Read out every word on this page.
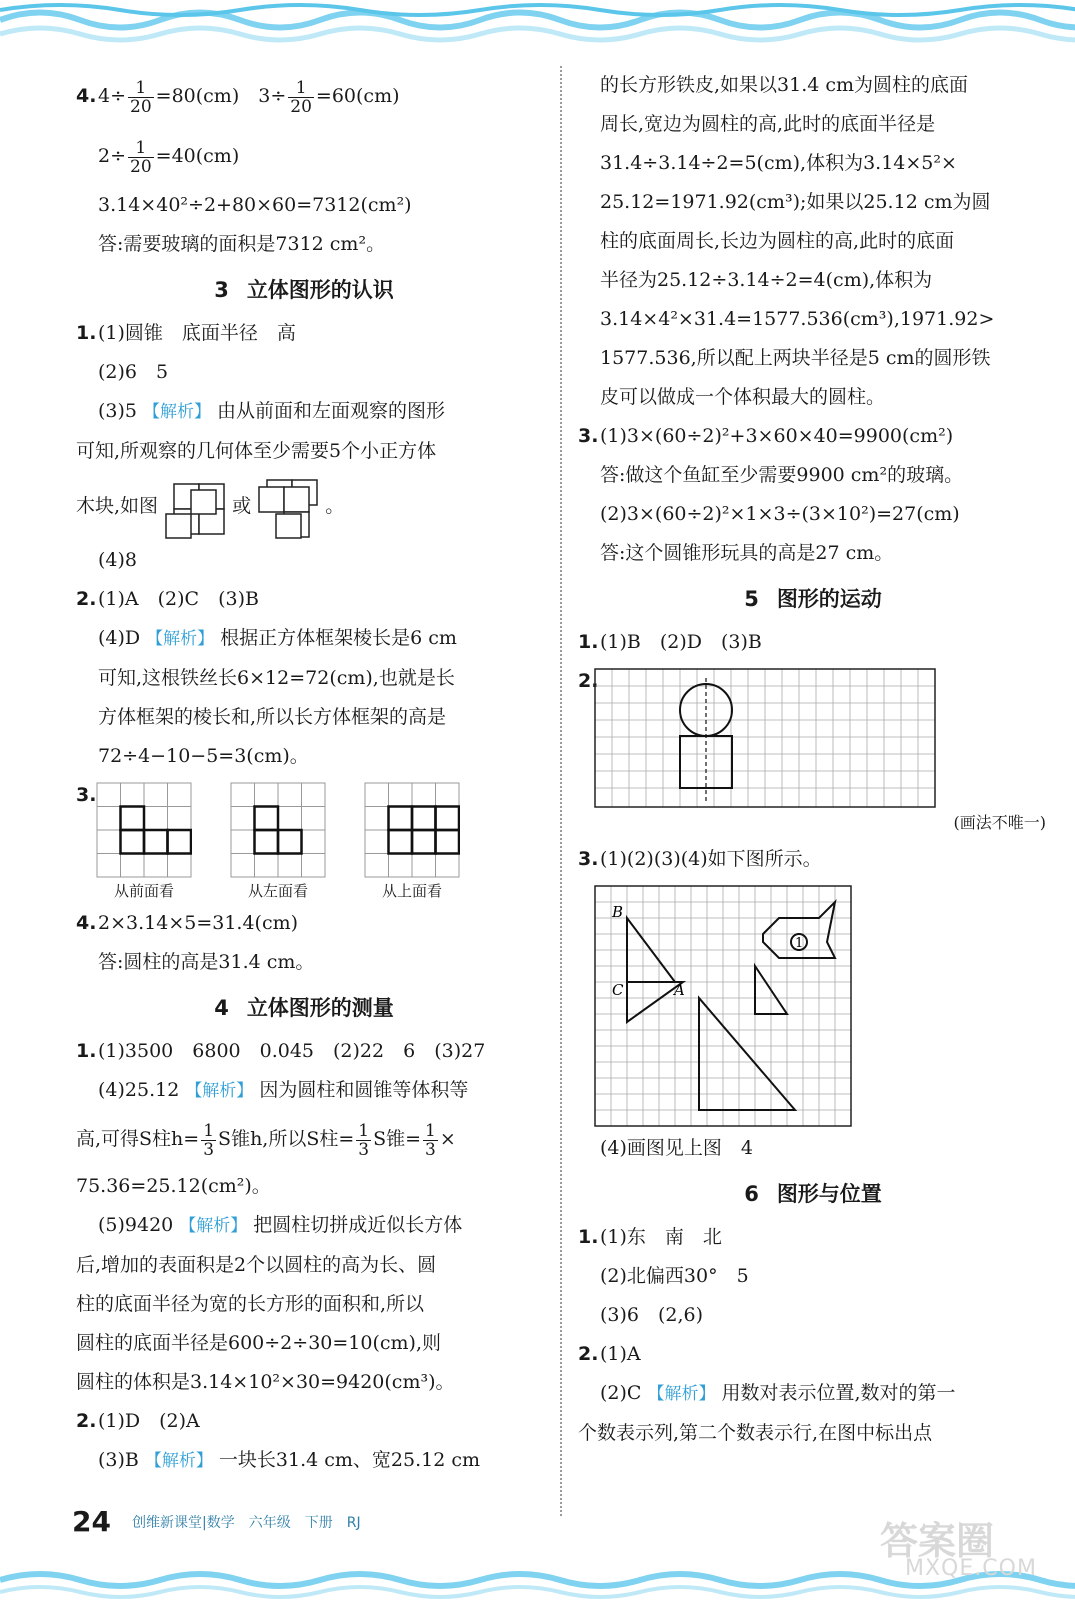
$4.4\div \frac{1}{20} =80(cm)$　 $3\div \frac{1}{20} =60(cm)$
$2\div \frac{1}{20} =40(cm)$
3.14×40²÷2+80×60=7312(cm²)
答:需要玻璃的面积是7312 cm²。
3 立体图形的认识
1.(1)圆锥　底面半径　高
(2)6　5
(3)5 【解析】 由从前面和左面观察的图形
可知,所观察的几何体至少需要5个小正方体
木块,如图	或	。
(4)8
2.(1)A　(2)C　(3)B
(4)D 【解析】 根据正方体框架棱长是6 cm
可知,这根铁丝长6×12=72(cm),也就是长
方体框架的棱长和,所以长方体框架的高是
72÷4−10−5=3(cm)。
3.
从前面看	从左面看	从上面看
4.2×3.14×5=31.4(cm)
答:圆柱的高是31.4 cm。
4 立体图形的测量
1.(1)3500　6800　0.045　(2)22　6　(3)27
(4)25.12 【解析】 因为圆柱和圆锥等体积等
高,可得S柱$h= \frac{1}{3}$ S锥h,所以S柱= $\frac{1}{3}$ S锥= $\frac{1}{3}$ ×
75.36=25.12(cm²)。
(5)9420 【解析】 把圆柱切拼成近似长方体
后,增加的表面积是2个以圆柱的高为长、圆
柱的底面半径为宽的长方形的面积和,所以
圆柱的底面半径是600÷2÷30=10(cm),则
圆柱的体积是3.14×10²×30=9420(cm³)。
2.(1)D　(2)A
(3)B 【解析】 一块长31.4 cm、宽25.12 cm
的长方形铁皮,如果以31.4 cm为圆柱的底面
周长,宽边为圆柱的高,此时的底面半径是
31.4÷3.14÷2=5(cm),体积为3.14×5²×
25.12=1971.92(cm³);如果以25.12 cm为圆
柱的底面周长,长边为圆柱的高,此时的底面
半径为25.12÷3.14÷2=4(cm),体积为
3.14×4²×31.4=1577.536(cm³),1971.92>
1577.536,所以配上两块半径是5 cm的圆形铁
皮可以做成一个体积最大的圆柱。
3.(1)3×(60÷2)²+3×60×40=9900(cm²)
答:做这个鱼缸至少需要9900 cm²的玻璃。
(2)3×(60÷2)²×1×3÷(3×10²)=27(cm)
答:这个圆锥形玩具的高是27 cm。
5 图形的运动
1.(1)B　(2)D　(3)B
2.
(画法不唯一)
3.(1)(2)(3)(4)如下图所示。
B
C	A
1
(4)画图见上图　4
6 图形与位置
1.(1)东　南　北
(2)北偏西30°　5
(3)6　(2,6)
2.(1)A
(2)C 【解析】 用数对表示位置,数对的第一
个数表示列,第二个数表示行,在图中标出点
24 创维新课堂|数学　六年级　下册　RJ	答案圈
MXQE.COM
